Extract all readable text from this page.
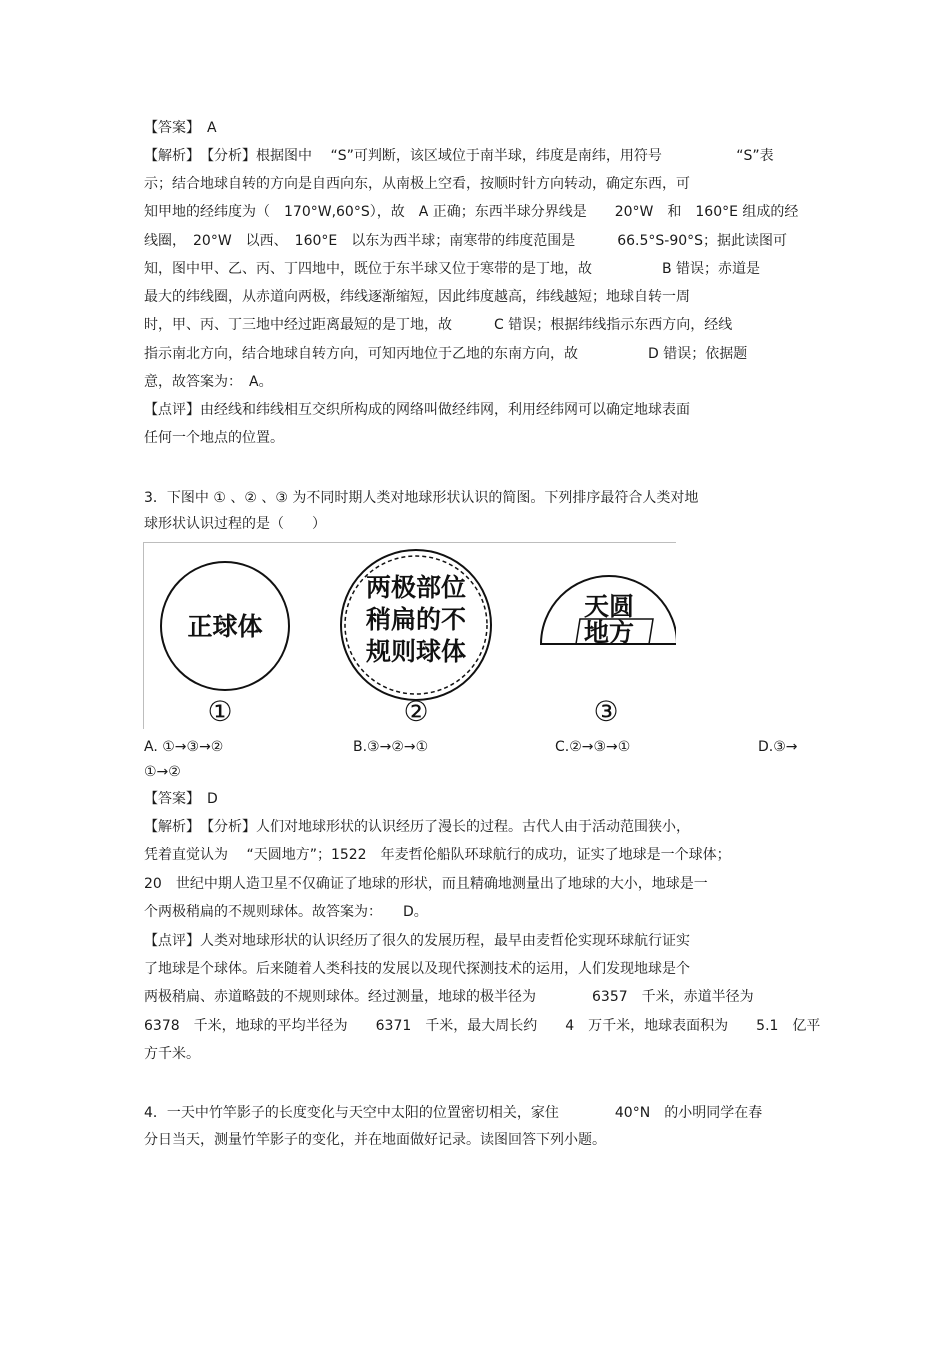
【答案】　A
【解析】　【分析】根据图中　 “S”可判断，该区域位于南半球，纬度是南纬，用符号　　　　　 “S”表
示；结合地球自转的方向是自西向东，从南极上空看，按顺时针方向转动，确定东西，可
知甲地的经纬度为（　170°W,60°S），故　A 正确；东西半球分界线是　　20°W　和　160°E 组成的经
线圈，　20°W　以西、　160°E　以东为西半球；南寒带的纬度范围是　　　66.5°S-90°S；据此读图可
知，图中甲、乙、丙、丁四地中，既位于东半球又位于寒带的是丁地，故　　　　　B 错误；赤道是
最大的纬线圈，从赤道向两极，纬线逐渐缩短，因此纬度越高，纬线越短；地球自转一周
时，甲、丙、丁三地中经过距离最短的是丁地，故　　　C 错误；根据纬线指示东西方向，经线
指示南北方向，结合地球自转方向，可知丙地位于乙地的东南方向，故　　　　　D 错误；依据题
意，故答案为：　A。
【点评】由经线和纬线相互交织所构成的网络叫做经纬网，利用经纬网可以确定地球表面
任何一个地点的位置。
3．下图中 ① 、② 、③ 为不同时期人类对地球形状认识的简图。下列排序最符合人类对地
球形状认识过程的是（　　）
正球体
两极部位
稍扁的不
规则球体
天圆
地方
①	②	③
A. ①→③→②	B.③→②→①	C.②→③→①	D.③→
①→②
【答案】　D
【解析】　【分析】人们对地球形状的认识经历了漫长的过程。古代人由于活动范围狭小，
凭着直觉认为　 “天圆地方”；1522　年麦哲伦船队环球航行的成功，证实了地球是一个球体；
20　世纪中期人造卫星不仅确证了地球的形状，而且精确地测量出了地球的大小，地球是一
个两极稍扁的不规则球体。故答案为：　　D。
【点评】人类对地球形状的认识经历了很久的发展历程，最早由麦哲伦实现环球航行证实
了地球是个球体。后来随着人类科技的发展以及现代探测技术的运用，人们发现地球是个
两极稍扁、赤道略鼓的不规则球体。经过测量，地球的极半径为　　　　6357　千米，赤道半径为
6378　千米，地球的平均半径为　　6371　千米，最大周长约　　4　万千米，地球表面积为　　5.1　亿平
方千米。
4．一天中竹竿影子的长度变化与天空中太阳的位置密切相关，家住　　　　40°N　的小明同学在春
分日当天，测量竹竿影子的变化，并在地面做好记录。读图回答下列小题。
